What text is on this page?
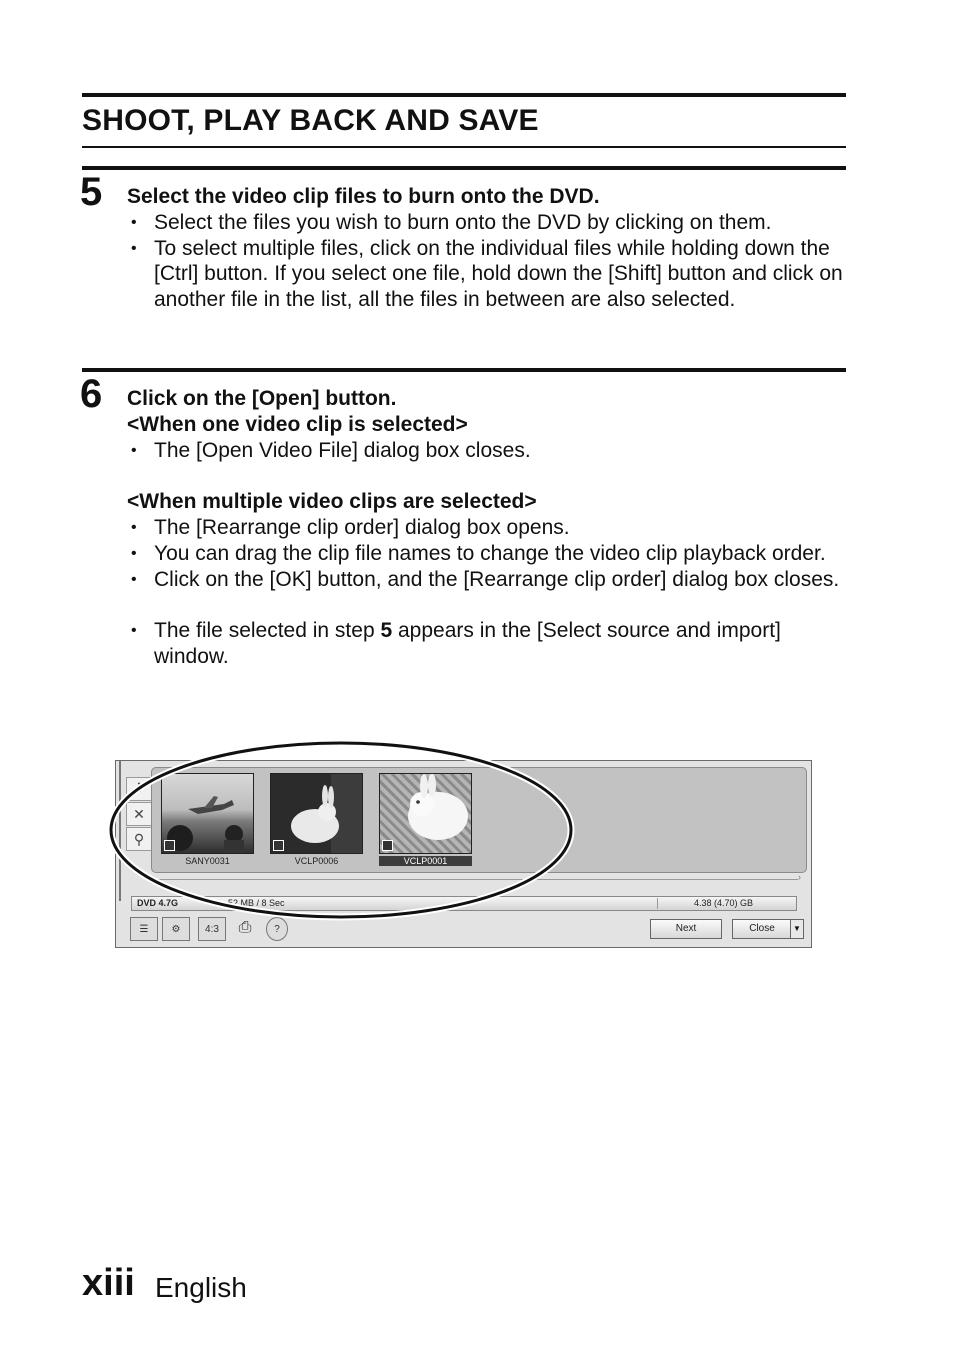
SHOOT, PLAY BACK AND SAVE
5 Select the video clip files to burn onto the DVD.
• Select the files you wish to burn onto the DVD by clicking on them.
• To select multiple files, click on the individual files while holding down the [Ctrl] button. If you select one file, hold down the [Shift] button and click on another file in the list, all the files in between are also selected.
6 Click on the [Open] button.
<When one video clip is selected>
• The [Open Video File] dialog box closes.
<When multiple video clips are selected>
• The [Rearrange clip order] dialog box opens.
• You can drag the clip file names to change the video clip playback order.
• Click on the [OK] button, and the [Rearrange clip order] dialog box closes.
• The file selected in step 5 appears in the [Select source and import] window.
i
✕
⚲
SANY0031	VCLP0006	VCLP0001
›
DVD 4.7G	52 MB / 8 Sec	4.38 (4.70) GB
☰	⚙	4:3	⎙	?	Next	Close	▼
xiii English
